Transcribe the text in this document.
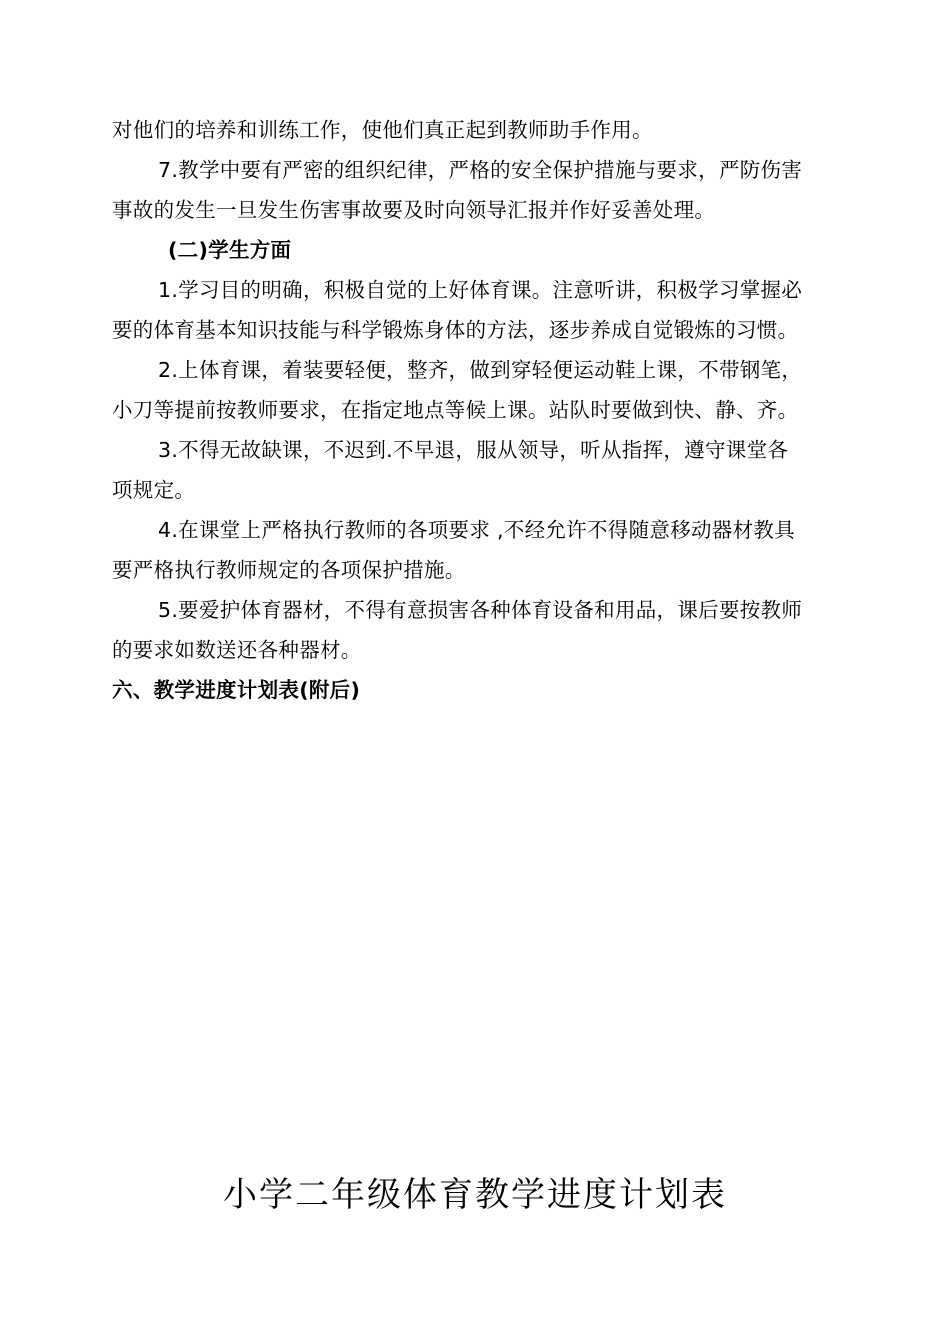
对他们的培养和训练工作，使他们真正起到教师助手作用。
7.教学中要有严密的组织纪律，严格的安全保护措施与要求，严防伤害
事故的发生一旦发生伤害事故要及时向领导汇报并作好妥善处理。
(二)学生方面
1.学习目的明确，积极自觉的上好体育课。注意听讲，积极学习掌握必
要的体育基本知识技能与科学锻炼身体的方法，逐步养成自觉锻炼的习惯。
2.上体育课，着装要轻便，整齐，做到穿轻便运动鞋上课，不带钢笔，
小刀等提前按教师要求，在指定地点等候上课。站队时要做到快、静、齐。
3.不得无故缺课，不迟到.不早退，服从领导，听从指挥，遵守课堂各
项规定。
4.在课堂上严格执行教师的各项要求 ,不经允许不得随意移动器材教具
要严格执行教师规定的各项保护措施。
5.要爱护体育器材，不得有意损害各种体育设备和用品，课后要按教师
的要求如数送还各种器材。
六、教学进度计划表(附后)
小学二年级体育教学进度计划表
